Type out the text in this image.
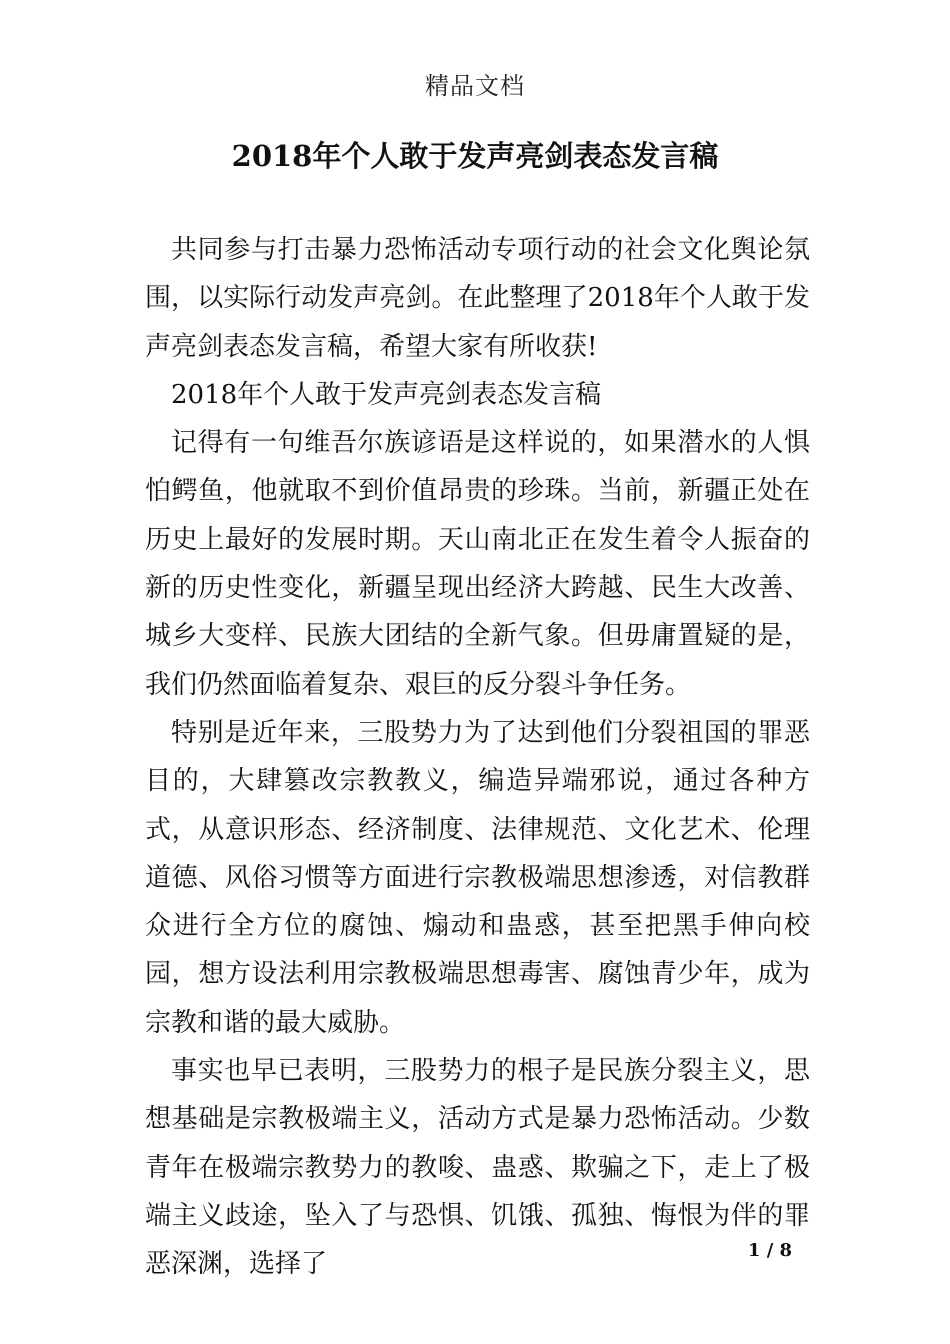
精品文档
2018年个人敢于发声亮剑表态发言稿

共同参与打击暴力恐怖活动专项行动的社会文化舆论氛围，以实际行动发声亮剑。在此整理了2018年个人敢于发声亮剑表态发言稿，希望大家有所收获!

2018年个人敢于发声亮剑表态发言稿

记得有一句维吾尔族谚语是这样说的，如果潜水的人惧怕鳄鱼，他就取不到价值昂贵的珍珠。当前，新疆正处在历史上最好的发展时期。天山南北正在发生着令人振奋的新的历史性变化，新疆呈现出经济大跨越、民生大改善、城乡大变样、民族大团结的全新气象。但毋庸置疑的是，我们仍然面临着复杂、艰巨的反分裂斗争任务。

特别是近年来，三股势力为了达到他们分裂祖国的罪恶目的，大肆篡改宗教教义，编造异端邪说，通过各种方式，从意识形态、经济制度、法律规范、文化艺术、伦理道德、风俗习惯等方面进行宗教极端思想渗透，对信教群众进行全方位的腐蚀、煽动和蛊惑，甚至把黑手伸向校园，想方设法利用宗教极端思想毒害、腐蚀青少年，成为宗教和谐的最大威胁。

事实也早已表明，三股势力的根子是民族分裂主义，思想基础是宗教极端主义，活动方式是暴力恐怖活动。少数青年在极端宗教势力的教唆、蛊惑、欺骗之下，走上了极端主义歧途，坠入了与恐惧、饥饿、孤独、悔恨为伴的罪恶深渊，选择了	1 / 8
